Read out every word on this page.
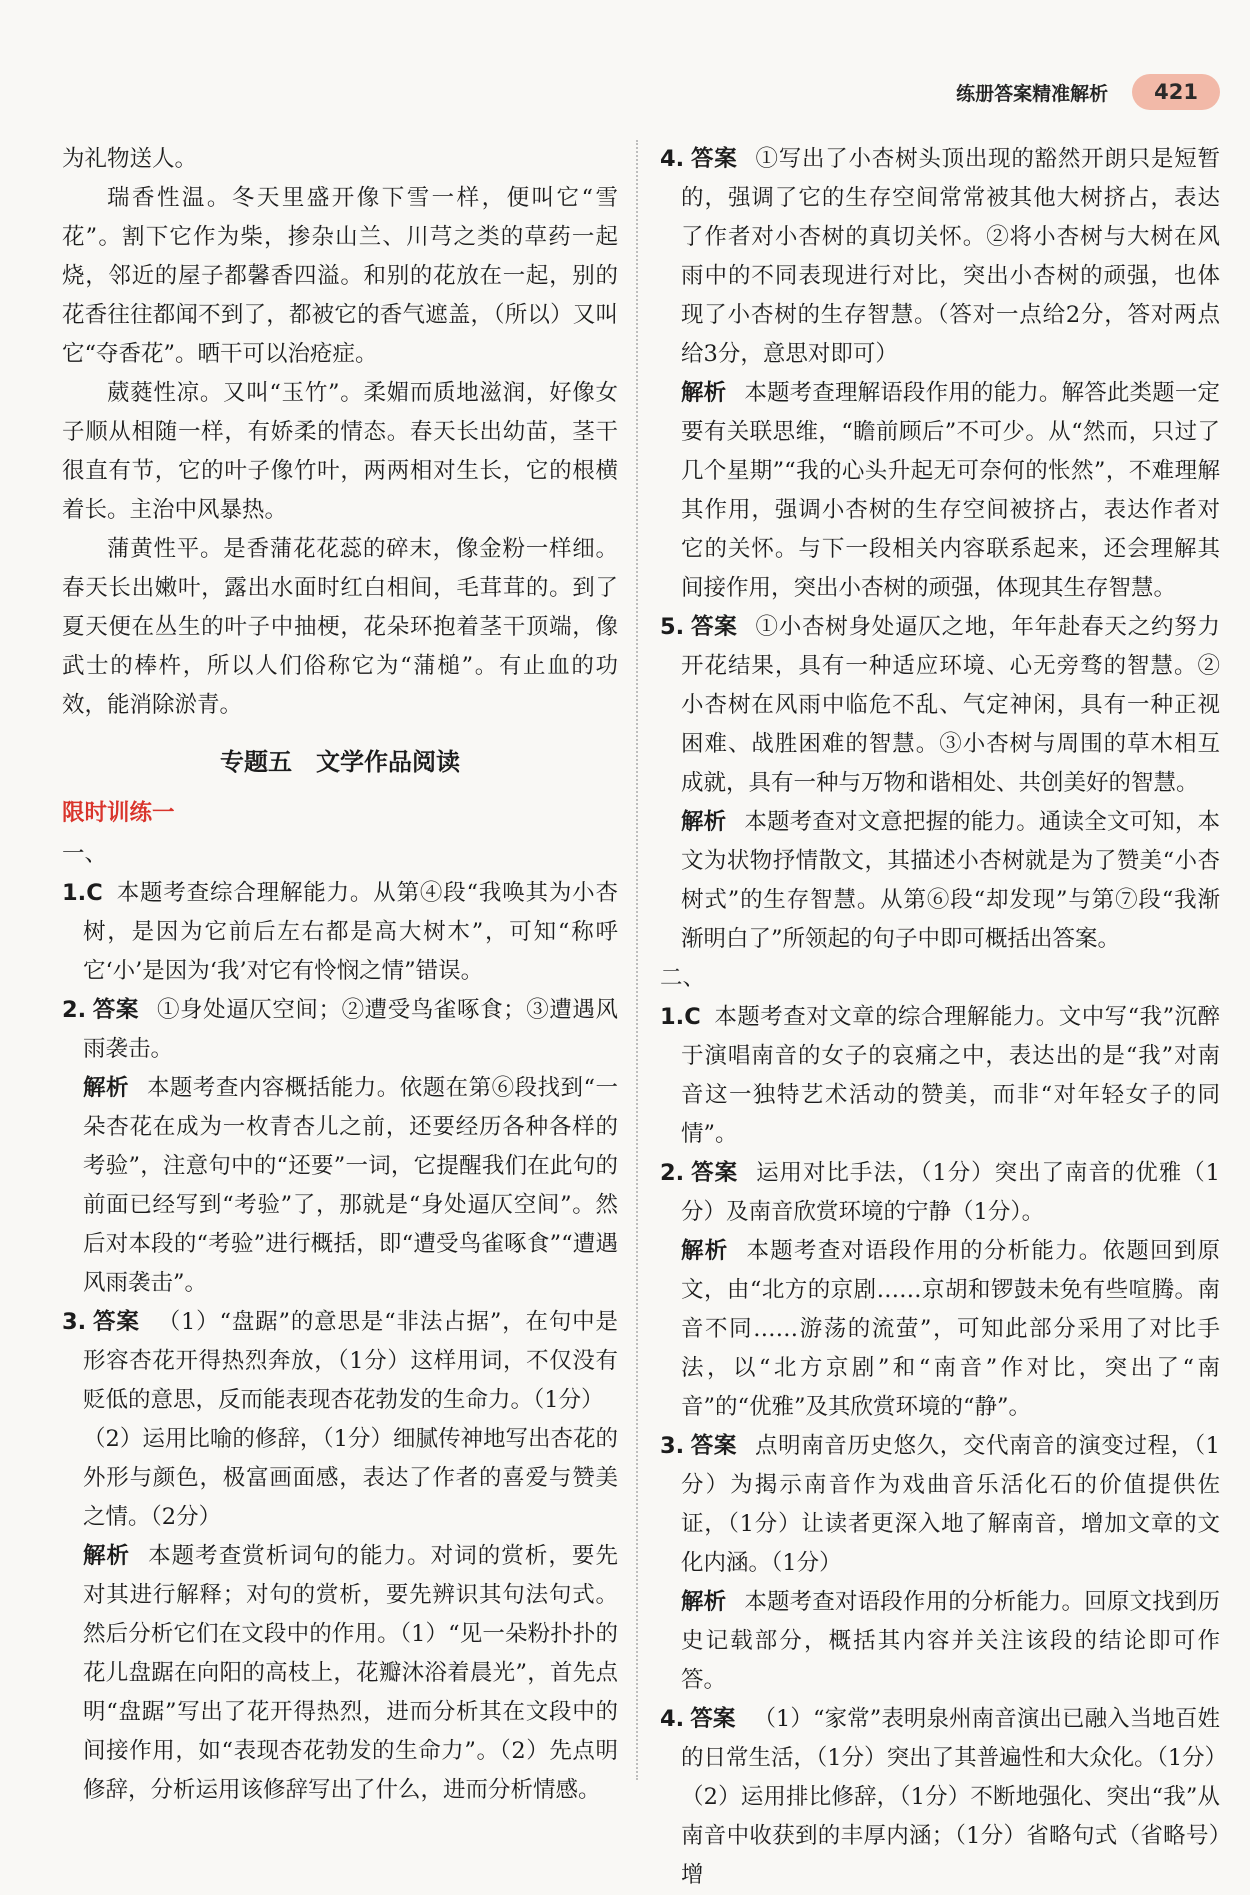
练册答案精准解析	421

为礼物送人。

瑞香性温。冬天里盛开像下雪一样，便叫它“雪花”。割下它作为柴，掺杂山兰、川芎之类的草药一起烧，邻近的屋子都馨香四溢。和别的花放在一起，别的花香往往都闻不到了，都被它的香气遮盖，（所以）又叫它“夺香花”。晒干可以治疮症。

葳蕤性凉。又叫“玉竹”。柔媚而质地滋润，好像女子顺从相随一样，有娇柔的情态。春天长出幼苗，茎干很直有节，它的叶子像竹叶，两两相对生长，它的根横着长。主治中风暴热。

蒲黄性平。是香蒲花花蕊的碎末，像金粉一样细。春天长出嫩叶，露出水面时红白相间，毛茸茸的。到了夏天便在丛生的叶子中抽梗，花朵环抱着茎干顶端，像武士的棒杵，所以人们俗称它为“蒲槌”。有止血的功效，能消除淤青。

专题五　文学作品阅读

限时训练一

一、

1.C 本题考查综合理解能力。从第④段“我唤其为小杏树，是因为它前后左右都是高大树木”，可知“称呼它‘小’是因为‘我’对它有怜悯之情”错误。
2. 答案 ①身处逼仄空间；②遭受鸟雀啄食；③遭遇风雨袭击。
解析 本题考查内容概括能力。依题在第⑥段找到“一朵杏花在成为一枚青杏儿之前，还要经历各种各样的考验”，注意句中的“还要”一词，它提醒我们在此句的前面已经写到“考验”了，那就是“身处逼仄空间”。然后对本段的“考验”进行概括，即“遭受鸟雀啄食”“遭遇风雨袭击”。
3. 答案 （1）“盘踞”的意思是“非法占据”，在句中是形容杏花开得热烈奔放，（1分）这样用词，不仅没有贬低的意思，反而能表现杏花勃发的生命力。（1分）
（2）运用比喻的修辞，（1分）细腻传神地写出杏花的外形与颜色，极富画面感，表达了作者的喜爱与赞美之情。（2分）
解析 本题考查赏析词句的能力。对词的赏析，要先对其进行解释；对句的赏析，要先辨识其句法句式。然后分析它们在文段中的作用。（1）“见一朵粉扑扑的花儿盘踞在向阳的高枝上，花瓣沐浴着晨光”，首先点明“盘踞”写出了花开得热烈，进而分析其在文段中的间接作用，如“表现杏花勃发的生命力”。（2）先点明修辞，分析运用该修辞写出了什么，进而分析情感。
4. 答案 ①写出了小杏树头顶出现的豁然开朗只是短暂的，强调了它的生存空间常常被其他大树挤占，表达了作者对小杏树的真切关怀。②将小杏树与大树在风雨中的不同表现进行对比，突出小杏树的顽强，也体现了小杏树的生存智慧。（答对一点给2分，答对两点给3分，意思对即可）
解析 本题考查理解语段作用的能力。解答此类题一定要有关联思维，“瞻前顾后”不可少。从“然而，只过了几个星期”“我的心头升起无可奈何的怅然”，不难理解其作用，强调小杏树的生存空间被挤占，表达作者对它的关怀。与下一段相关内容联系起来，还会理解其间接作用，突出小杏树的顽强，体现其生存智慧。
5. 答案 ①小杏树身处逼仄之地，年年赴春天之约努力开花结果，具有一种适应环境、心无旁骛的智慧。②小杏树在风雨中临危不乱、气定神闲，具有一种正视困难、战胜困难的智慧。③小杏树与周围的草木相互成就，具有一种与万物和谐相处、共创美好的智慧。
解析 本题考查对文意把握的能力。通读全文可知，本文为状物抒情散文，其描述小杏树就是为了赞美“小杏树式”的生存智慧。从第⑥段“却发现”与第⑦段“我渐渐明白了”所领起的句子中即可概括出答案。

二、

1.C 本题考查对文章的综合理解能力。文中写“我”沉醉于演唱南音的女子的哀痛之中，表达出的是“我”对南音这一独特艺术活动的赞美，而非“对年轻女子的同情”。
2. 答案 运用对比手法，（1分）突出了南音的优雅（1分）及南音欣赏环境的宁静（1分）。
解析 本题考查对语段作用的分析能力。依题回到原文，由“北方的京剧……京胡和锣鼓未免有些喧腾。南音不同……游荡的流萤”，可知此部分采用了对比手法，以“北方京剧”和“南音”作对比，突出了“南音”的“优雅”及其欣赏环境的“静”。
3. 答案 点明南音历史悠久，交代南音的演变过程，（1分）为揭示南音作为戏曲音乐活化石的价值提供佐证，（1分）让读者更深入地了解南音，增加文章的文化内涵。（1分）
解析 本题考查对语段作用的分析能力。回原文找到历史记载部分，概括其内容并关注该段的结论即可作答。
4. 答案 （1）“家常”表明泉州南音演出已融入当地百姓的日常生活，（1分）突出了其普遍性和大众化。（1分）
（2）运用排比修辞，（1分）不断地强化、突出“我”从南音中收获到的丰厚内涵；（1分）省略句式（省略号）增
